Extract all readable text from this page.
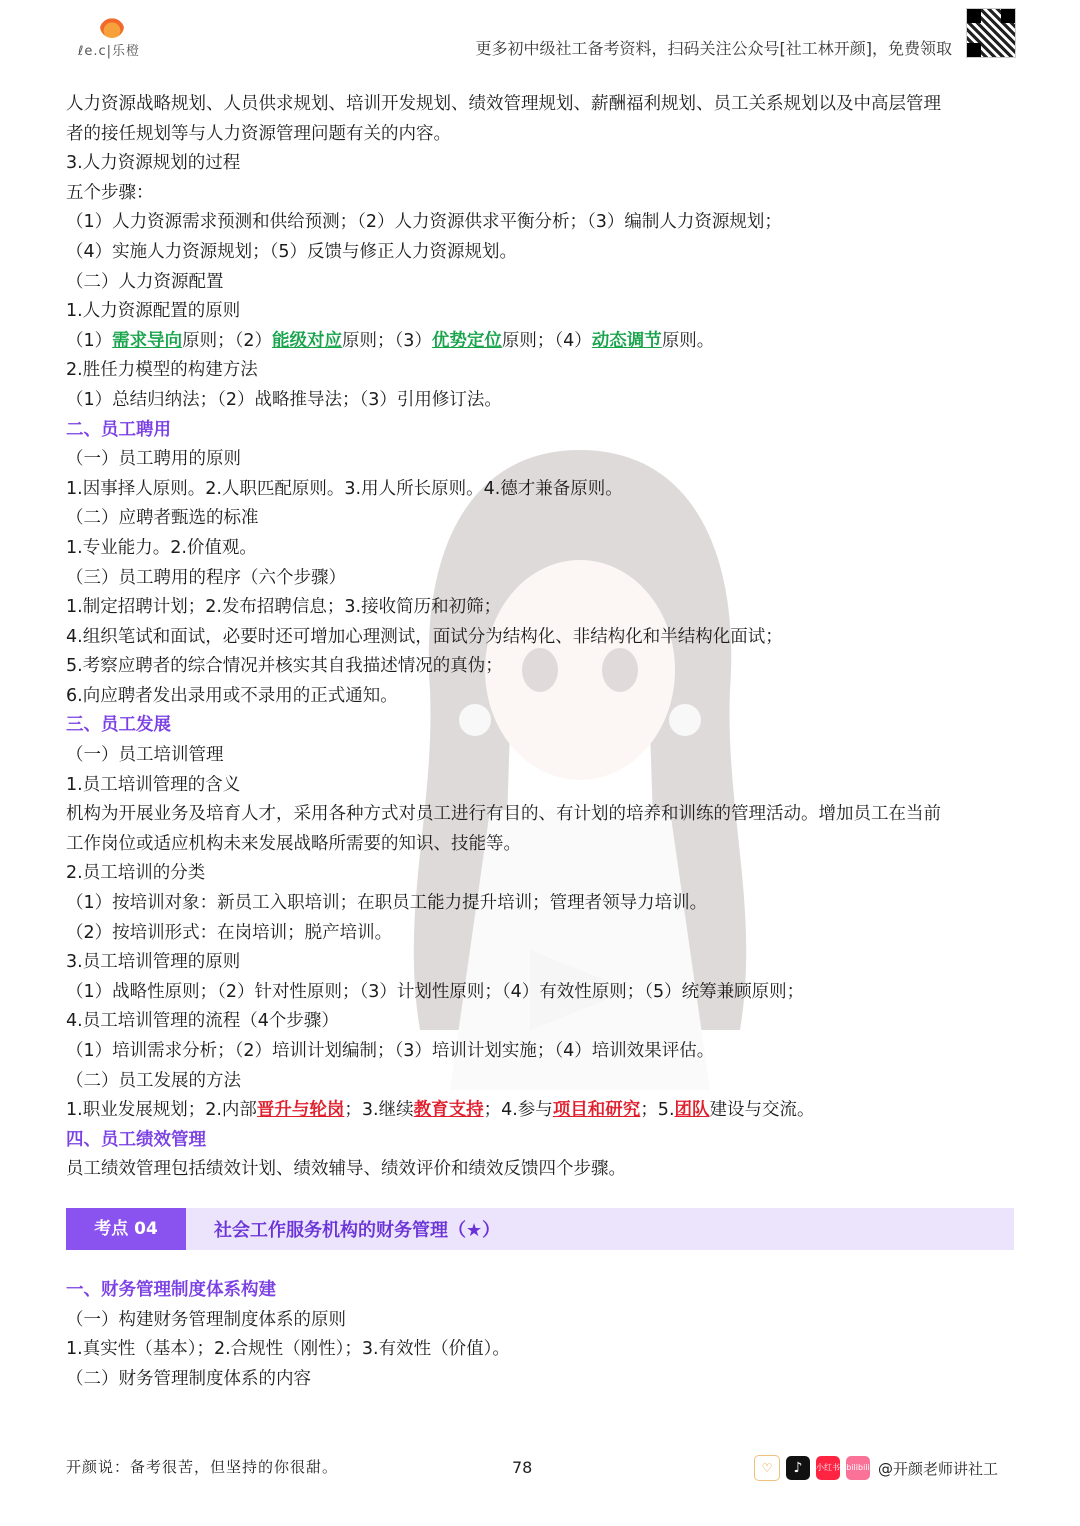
ℓe.c|乐橙	更多初中级社工备考资料，扫码关注公众号[社工林开颜]，免费领取
人力资源战略规划、人员供求规划、培训开发规划、绩效管理规划、薪酬福利规划、员工关系规划以及中高层管理
者的接任规划等与人力资源管理问题有关的内容。
3.人力资源规划的过程
五个步骤：
（1）人力资源需求预测和供给预测；（2）人力资源供求平衡分析；（3）编制人力资源规划；
（4）实施人力资源规划；（5）反馈与修正人力资源规划。
（二）人力资源配置
1.人力资源配置的原则
（1）需求导向原则；（2）能级对应原则；（3）优势定位原则；（4）动态调节原则。
2.胜任力模型的构建方法
（1）总结归纳法；（2）战略推导法；（3）引用修订法。
二、员工聘用
（一）员工聘用的原则
1.因事择人原则。2.人职匹配原则。3.用人所长原则。4.德才兼备原则。
（二）应聘者甄选的标准
1.专业能力。2.价值观。
（三）员工聘用的程序（六个步骤）
1.制定招聘计划；2.发布招聘信息；3.接收简历和初筛；
4.组织笔试和面试，必要时还可增加心理测试，面试分为结构化、非结构化和半结构化面试；
5.考察应聘者的综合情况并核实其自我描述情况的真伪；
6.向应聘者发出录用或不录用的正式通知。
三、员工发展
（一）员工培训管理
1.员工培训管理的含义
机构为开展业务及培育人才，采用各种方式对员工进行有目的、有计划的培养和训练的管理活动。增加员工在当前
工作岗位或适应机构未来发展战略所需要的知识、技能等。
2.员工培训的分类
（1）按培训对象：新员工入职培训；在职员工能力提升培训；管理者领导力培训。
（2）按培训形式：在岗培训；脱产培训。
3.员工培训管理的原则
（1）战略性原则；（2）针对性原则；（3）计划性原则；（4）有效性原则；（5）统筹兼顾原则；
4.员工培训管理的流程（4个步骤）
（1）培训需求分析；（2）培训计划编制；（3）培训计划实施；（4）培训效果评估。
（二）员工发展的方法
1.职业发展规划；2.内部晋升与轮岗；3.继续教育支持；4.参与项目和研究；5.团队建设与交流。
四、员工绩效管理
员工绩效管理包括绩效计划、绩效辅导、绩效评价和绩效反馈四个步骤。
考点 04	社会工作服务机构的财务管理（★）
一、财务管理制度体系构建
（一）构建财务管理制度体系的原则
1.真实性（基本）；2.合规性（刚性）；3.有效性（价值）。
（二）财务管理制度体系的内容
开颜说：备考很苦，但坚持的你很甜。	78	♡	♪	小红书 bilibili @开颜老师讲社工
